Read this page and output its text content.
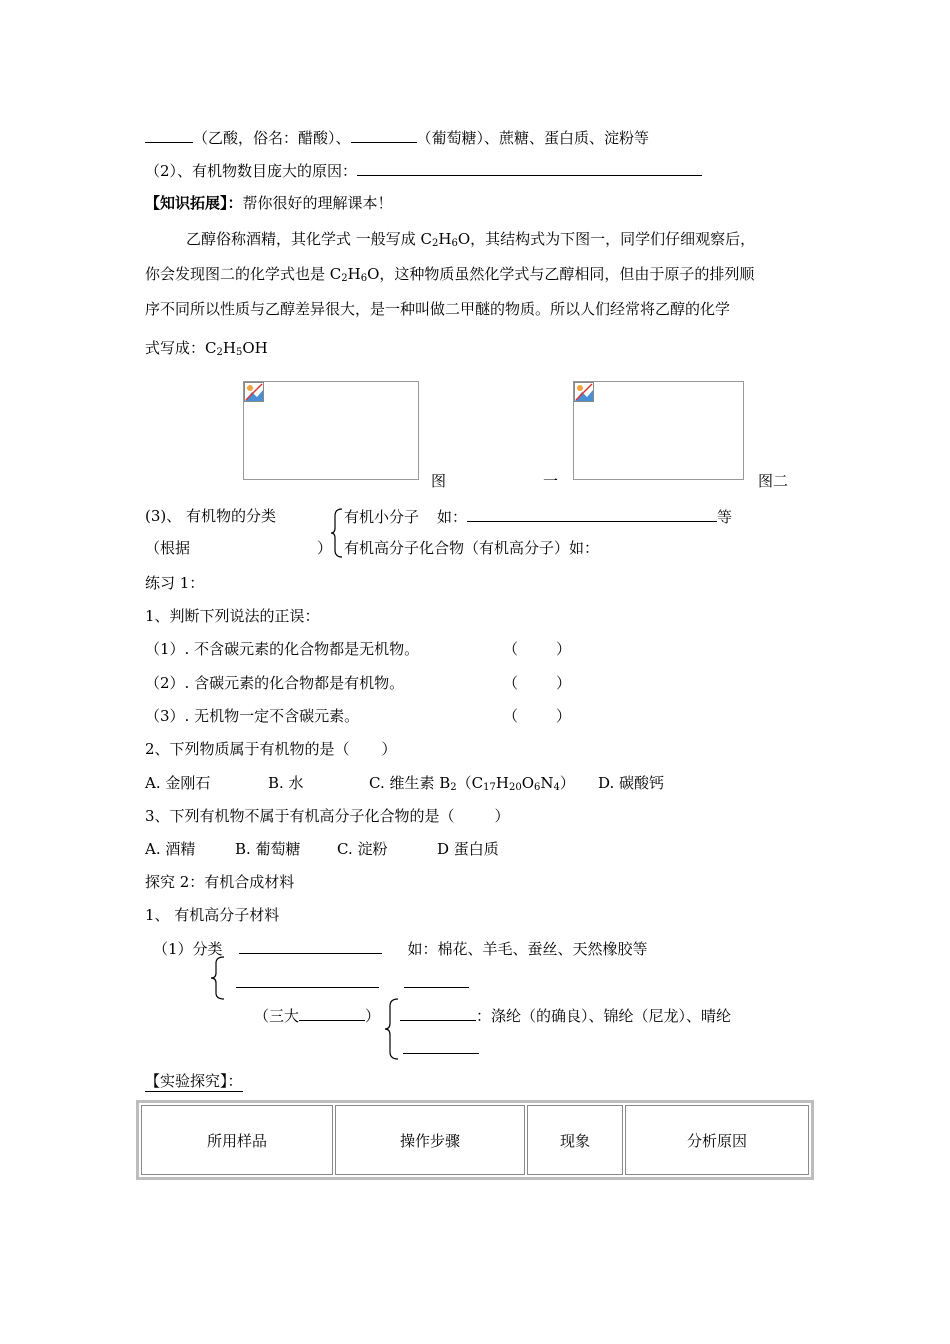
（乙酸，俗名：醋酸）、	（葡萄糖）、蔗糖、蛋白质、淀粉等
（2）、有机物数目庞大的原因：
【知识拓展】：帮你很好的理解课本！
乙醇俗称酒精，其化学式 一般写成 $C_2H_6O$，其结构式为下图一，同学们仔细观察后，
你会发现图二的化学式也是 $C_2H_6O$，这种物质虽然化学式与乙醇相同，但由于原子的排列顺
序不同所以性质与乙醇差异很大，是一种叫做二甲醚的物质。所以人们经常将乙醇的化学
式写成：$C_2H_5OH$
图	一	图二
(3)、 有机物的分类
（根据	）
有机小分子 如：	等
有机高分子化合物（有机高分子）如：
练习 1：
1、判断下列说法的正误：
（1）. 不含碳元素的化合物都是无机物。	（	）
（2）. 含碳元素的化合物都是有机物。	（	）
（3）. 无机物一定不含碳元素。	（	）
2、下列物质属于有机物的是（ ）
A. 金刚石	B. 水	C. 维生素 $B_2(C_{17}H_{20}O_6N_4)$ D. 碳酸钙
3、下列有机物不属于有机高分子化合物的是（	）
A. 酒精	B. 葡萄糖 C. 淀粉	D 蛋白质
探究 2：有机合成材料
1、 有机高分子材料
（1）分类	如：棉花、羊毛、蚕丝、天然橡胶等
（三大	）	：涤纶（的确良）、锦纶（尼龙）、晴纶
【实验探究】：
所用样品	操作步骤	现象	分析原因
